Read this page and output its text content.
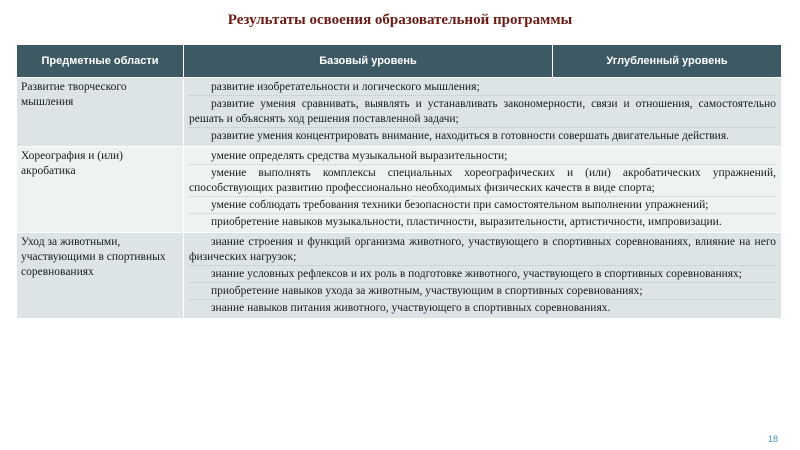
Результаты освоения образовательной программы
Предметные области	Базовый уровень	Углубленный уровень
Развитие творческого мышления	развитие изобретательности и логического мышления;
развитие умения сравнивать, выявлять и устанавливать закономерности, связи и отношения, самостоятельно решать и объяснять ход решения поставленной задачи;
развитие умения концентрировать внимание, находиться в готовности совершать двигательные действия.	

Хореография и (или) акробатика	умение определять средства музыкальной выразительности;
умение выполнять комплексы специальных хореографических и (или) акробатических упражнений, способствующих развитию профессионально необходимых физических качеств в виде спорта;
умение соблюдать требования техники безопасности при самостоятельном выполнении упражнений;
приобретение навыков музыкальности, пластичности, выразительности, артистичности, импровизации.	

Уход за животными, участвующими в спортивных соревнованиях	знание строения и функций организма животного, участвующего в спортивных соревнованиях, влияние на него физических нагрузок;
знание условных рефлексов и их роль в подготовке животного, участвующего в спортивных соревнованиях;
приобретение навыков ухода за животным, участвующим в спортивных соревнованиях;
знание навыков питания животного, участвующего в спортивных соревнованиях.	
18
